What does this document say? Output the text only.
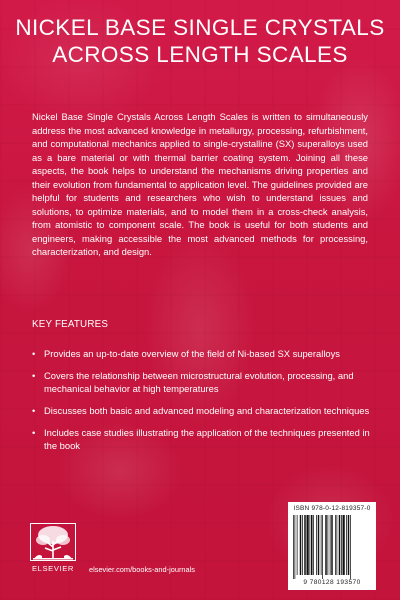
NICKEL BASE SINGLE CRYSTALS
ACROSS LENGTH SCALES

Nickel Base Single Crystals Across Length Scales is written to simultaneously address the most advanced knowledge in metallurgy, processing, refurbishment, and computational mechanics applied to single-crystalline (SX) superalloys used as a bare material or with thermal barrier coating system. Joining all these aspects, the book helps to understand the mechanisms driving properties and their evolution from fundamental to application level. The guidelines provided are helpful for students and researchers who wish to understand issues and solutions, to optimize materials, and to model them in a cross-check analysis, from atomistic to component scale. The book is useful for both students and engineers, making accessible the most advanced methods for processing, characterization, and design.

KEY FEATURES
• Provides an up-to-date overview of the field of Ni-based SX superalloys
• Covers the relationship between microstructural evolution, processing, and mechanical behavior at high temperatures
• Discusses both basic and advanced modeling and characterization techniques
• Includes case studies illustrating the application of the techniques presented in the book
ELSEVIER elsevier.com/books-and-journals

ISBN 978-0-12-819357-0

9 780128 193570
